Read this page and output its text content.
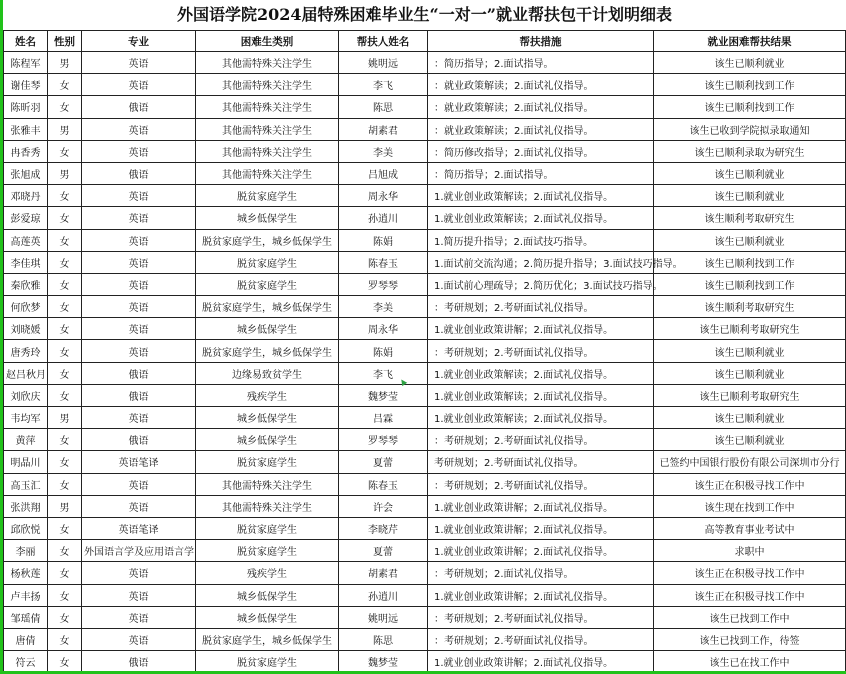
外国语学院2024届特殊困难毕业生“一对一”就业帮扶包干计划明细表
姓名	性别	专业	困难生类别	帮扶人姓名	帮扶措施	就业困难帮扶结果
陈程军	男	英语	其他需特殊关注学生	姚明远	：简历指导；2.面试指导。	该生已顺利就业
谢佳琴	女	英语	其他需特殊关注学生	李飞	：就业政策解读；2.面试礼仪指导。	该生已顺利找到工作
陈昕羽	女	俄语	其他需特殊关注学生	陈思	：就业政策解读；2.面试礼仪指导。	该生已顺利找到工作
张雅丰	男	英语	其他需特殊关注学生	胡素君	：就业政策解读；2.面试礼仪指导。	该生已收到学院拟录取通知
冉香秀	女	英语	其他需特殊关注学生	李美	：简历修改指导；2.面试礼仪指导。	该生已顺利录取为研究生
张旭成	男	俄语	其他需特殊关注学生	吕旭成	：简历指导；2.面试指导。	该生已顺利就业
邓晓丹	女	英语	脱贫家庭学生	周永华	1.就业创业政策解读；2.面试礼仪指导。	该生已顺利就业
彭爱琼	女	英语	城乡低保学生	孙逍川	1.就业创业政策解读；2.面试礼仪指导。	该生顺利考取研究生
高莲英	女	英语	脱贫家庭学生，城乡低保学生	陈娟	1.简历提升指导；2.面试技巧指导。	该生已顺利就业
李佳琪	女	英语	脱贫家庭学生	陈春玉	1.面试前交流沟通；2.简历提升指导；3.面试技巧指导。	该生已顺利找到工作
秦欣雅	女	英语	脱贫家庭学生	罗琴琴	1.面试前心理疏导；2.简历优化；3.面试技巧指导。	该生已顺利找到工作
何欣梦	女	英语	脱贫家庭学生，城乡低保学生	李美	：考研规划；2.考研面试礼仪指导。	该生顺利考取研究生
刘晓媛	女	英语	城乡低保学生	周永华	1.就业创业政策讲解；2.面试礼仪指导。	该生已顺利考取研究生
唐秀玲	女	英语	脱贫家庭学生，城乡低保学生	陈娟	：考研规划；2.考研面试礼仪指导。	该生已顺利就业
赵吕秋月	女	俄语	边缘易致贫学生	李飞	1.就业创业政策解读；2.面试礼仪指导。	该生已顺利就业
刘欣庆	女	俄语	残疾学生	魏梦莹	1.就业创业政策解读；2.面试礼仪指导。	该生已顺利考取研究生
韦均军	男	英语	城乡低保学生	吕霖	1.就业创业政策解读；2.面试礼仪指导。	该生已顺利就业
黄萍	女	俄语	城乡低保学生	罗琴琴	：考研规划；2.考研面试礼仪指导。	该生已顺利就业
明晶川	女	英语笔译	脱贫家庭学生	夏蕾	考研规划；2.考研面试礼仪指导。	已签约中国银行股份有限公司深圳市分行
高玉汇	女	英语	其他需特殊关注学生	陈春玉	：考研规划；2.考研面试礼仪指导。	该生正在积极寻找工作中
张洪翔	男	英语	其他需特殊关注学生	许会	1.就业创业政策讲解；2.面试礼仪指导。	该生现在找到工作中
邱欣悦	女	英语笔译	脱贫家庭学生	李晓芹	1.就业创业政策讲解；2.面试礼仪指导。	高等教育事业考试中
李丽	女	外国语言学及应用语言学	脱贫家庭学生	夏蕾	1.就业创业政策讲解；2.面试礼仪指导。	求职中
杨秋莲	女	英语	残疾学生	胡素君	：考研规划；2.面试礼仪指导。	该生正在积极寻找工作中
卢丰扬	女	英语	城乡低保学生	孙逍川	1.就业创业政策讲解；2.面试礼仪指导。	该生正在积极寻找工作中
邹瑶倩	女	英语	城乡低保学生	姚明远	：考研规划；2.考研面试礼仪指导。	该生已找到工作中
唐倩	女	英语	脱贫家庭学生，城乡低保学生	陈思	：考研规划；2.考研面试礼仪指导。	该生已找到工作，待签
符云	女	俄语	脱贫家庭学生	魏梦莹	1.就业创业政策讲解；2.面试礼仪指导。	该生已在找工作中
